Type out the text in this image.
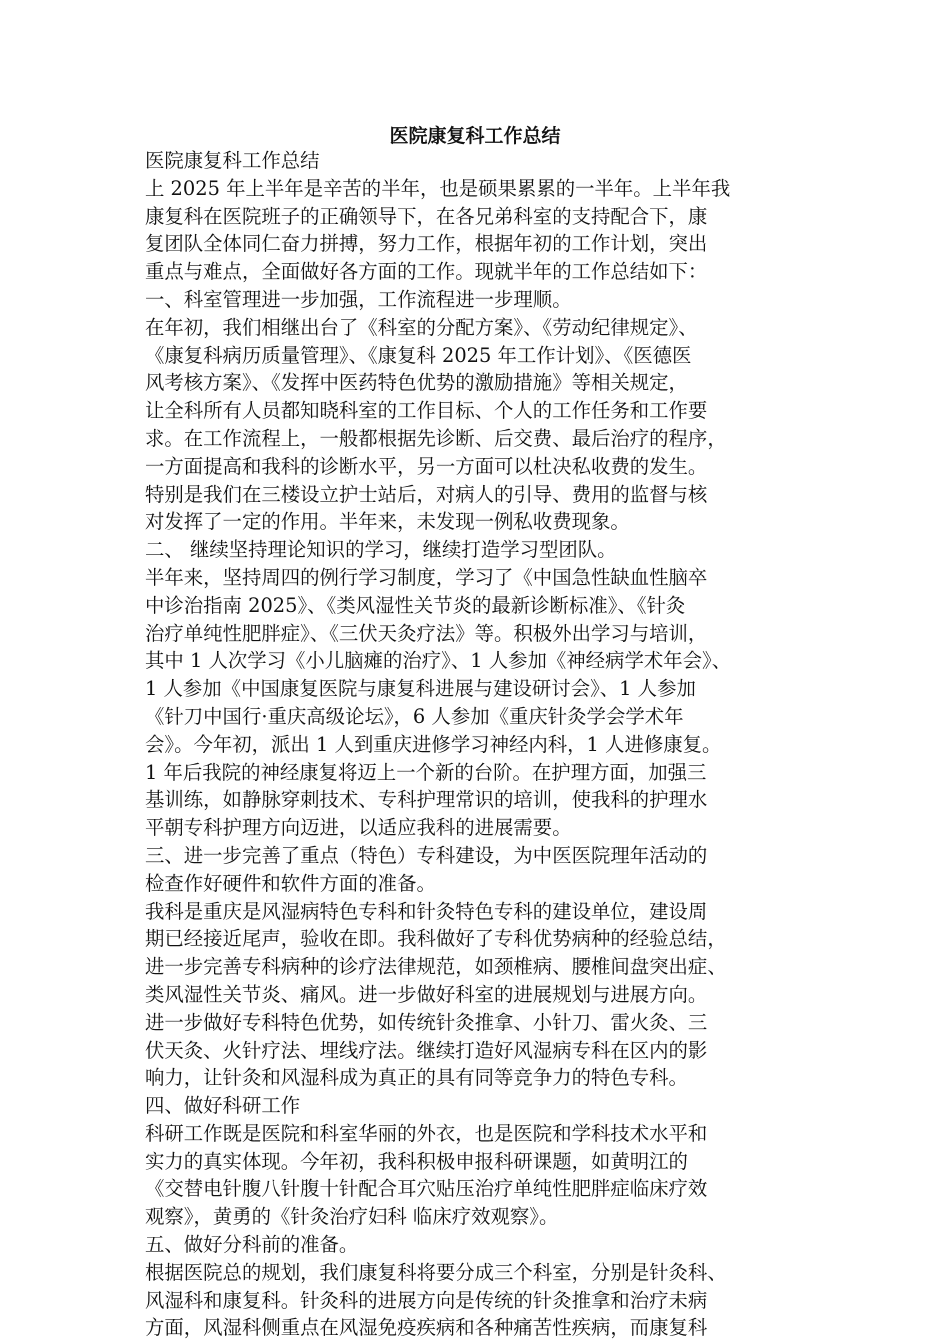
医院康复科工作总结
医院康复科工作总结
上 2025 年上半年是辛苦的半年，也是硕果累累的一半年。上半年我
康复科在医院班子的正确领导下，在各兄弟科室的支持配合下，康
复团队全体同仁奋力拼搏，努力工作，根据年初的工作计划，突出
重点与难点，全面做好各方面的工作。现就半年的工作总结如下：
一、科室管理进一步加强，工作流程进一步理顺。
在年初，我们相继出台了《科室的分配方案》、《劳动纪律规定》、
《康复科病历质量管理》、《康复科 2025 年工作计划》、《医德医
风考核方案》、《发挥中医药特色优势的激励措施》等相关规定，
让全科所有人员都知晓科室的工作目标、个人的工作任务和工作要
求。在工作流程上，一般都根据先诊断、后交费、最后治疗的程序，
一方面提高和我科的诊断水平，另一方面可以杜决私收费的发生。
特别是我们在三楼设立护士站后，对病人的引导、费用的监督与核
对发挥了一定的作用。半年来，未发现一例私收费现象。
二、 继续坚持理论知识的学习，继续打造学习型团队。
半年来，坚持周四的例行学习制度，学习了《中国急性缺血性脑卒
中诊治指南 2025》、《类风湿性关节炎的最新诊断标准》、《针灸
治疗单纯性肥胖症》、《三伏天灸疗法》等。积极外出学习与培训，
其中 1 人次学习《小儿脑瘫的治疗》、1 人参加《神经病学术年会》、
1 人参加《中国康复医院与康复科进展与建设研讨会》、1 人参加
《针刀中国行·重庆高级论坛》，6 人参加《重庆针灸学会学术年
会》。今年初，派出 1 人到重庆进修学习神经内科，1 人进修康复。
1 年后我院的神经康复将迈上一个新的台阶。在护理方面，加强三
基训练，如静脉穿刺技术、专科护理常识的培训，使我科的护理水
平朝专科护理方向迈进，以适应我科的进展需要。
三、进一步完善了重点（特色）专科建设，为中医医院理年活动的
检查作好硬件和软件方面的准备。
我科是重庆是风湿病特色专科和针灸特色专科的建设单位，建设周
期已经接近尾声，验收在即。我科做好了专科优势病种的经验总结，
进一步完善专科病种的诊疗法律规范，如颈椎病、腰椎间盘突出症、
类风湿性关节炎、痛风。进一步做好科室的进展规划与进展方向。
进一步做好专科特色优势，如传统针灸推拿、小针刀、雷火灸、三
伏天灸、火针疗法、埋线疗法。继续打造好风湿病专科在区内的影
响力，让针灸和风湿科成为真正的具有同等竞争力的特色专科。
四、做好科研工作
科研工作既是医院和科室华丽的外衣，也是医院和学科技术水平和
实力的真实体现。今年初，我科积极申报科研课题，如黄明江的
《交替电针腹八针腹十针配合耳穴贴压治疗单纯性肥胖症临床疗效
观察》，黄勇的《针灸治疗妇科 临床疗效观察》。
五、做好分科前的准备。
根据医院总的规划，我们康复科将要分成三个科室，分别是针灸科、
风湿科和康复科。针灸科的进展方向是传统的针灸推拿和治疗未病
方面，风湿科侧重点在风湿免疫疾病和各种痛苦性疾病，而康复科
